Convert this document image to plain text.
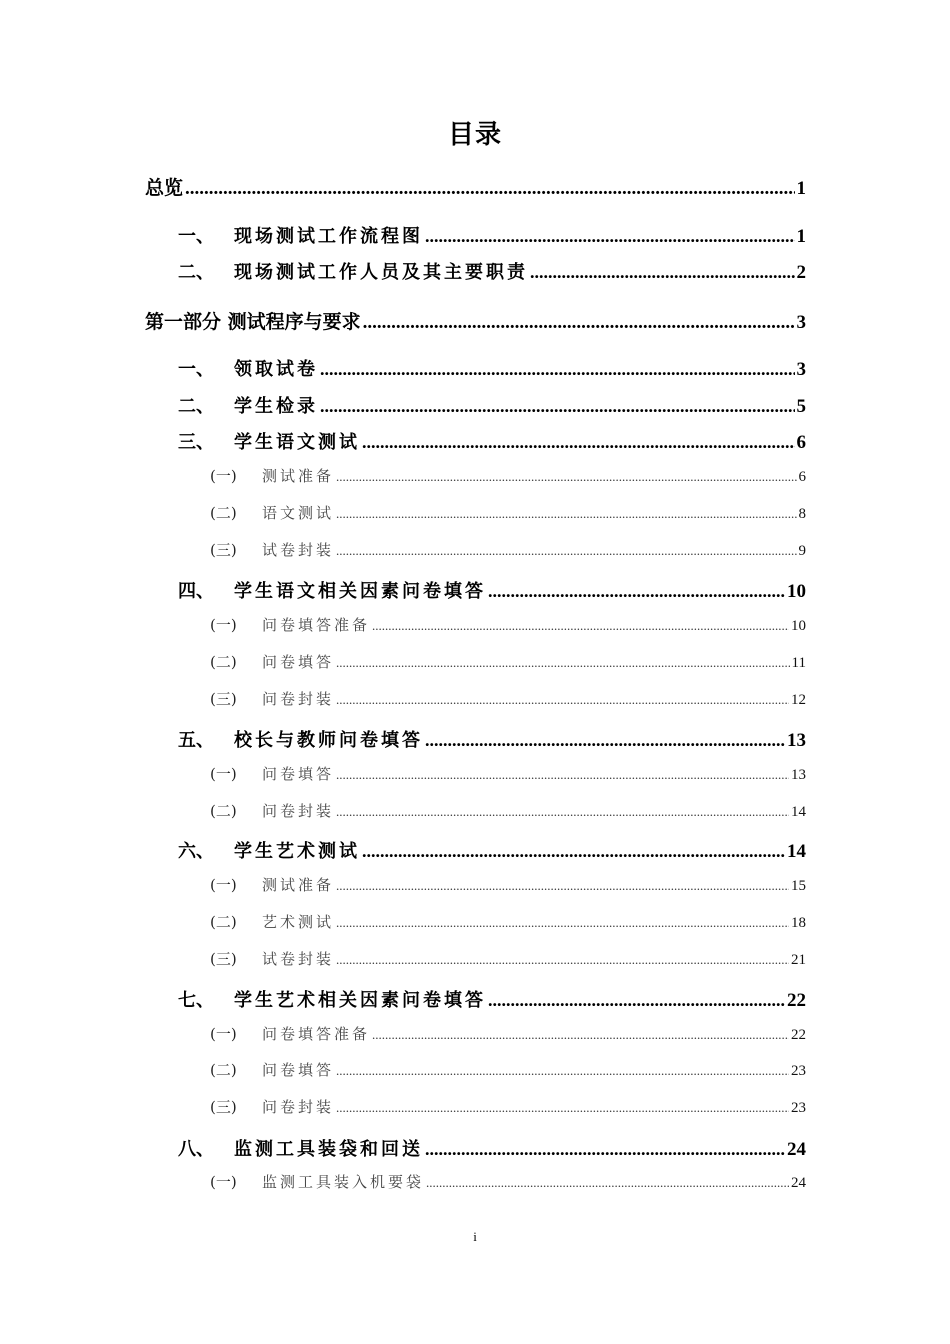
目录
总览 .....	1
一、	现场测试工作流程图 .....	1
二、	现场测试工作人员及其主要职责 .....	2
第一部分 测试程序与要求 .....	3
一、	领取试卷 .....	3
二、	学生检录 .....	5
三、	学生语文测试 .....	6
(一)	测试准备 .....	6
(二)	语文测试 .....	8
(三)	试卷封装 .....	9
四、	学生语文相关因素问卷填答 .....	10
(一)	问卷填答准备 .....	10
(二)	问卷填答 .....	11
(三)	问卷封装 .....	12
五、	校长与教师问卷填答 .....	13
(一)	问卷填答 .....	13
(二)	问卷封装 .....	14
六、	学生艺术测试 .....	14
(一)	测试准备 .....	15
(二)	艺术测试 .....	18
(三)	试卷封装 .....	21
七、	学生艺术相关因素问卷填答 .....	22
(一)	问卷填答准备 .....	22
(二)	问卷填答 .....	23
(三)	问卷封装 .....	23
八、	监测工具装袋和回送 .....	24
(一)	监测工具装入机要袋 .....	24
i
